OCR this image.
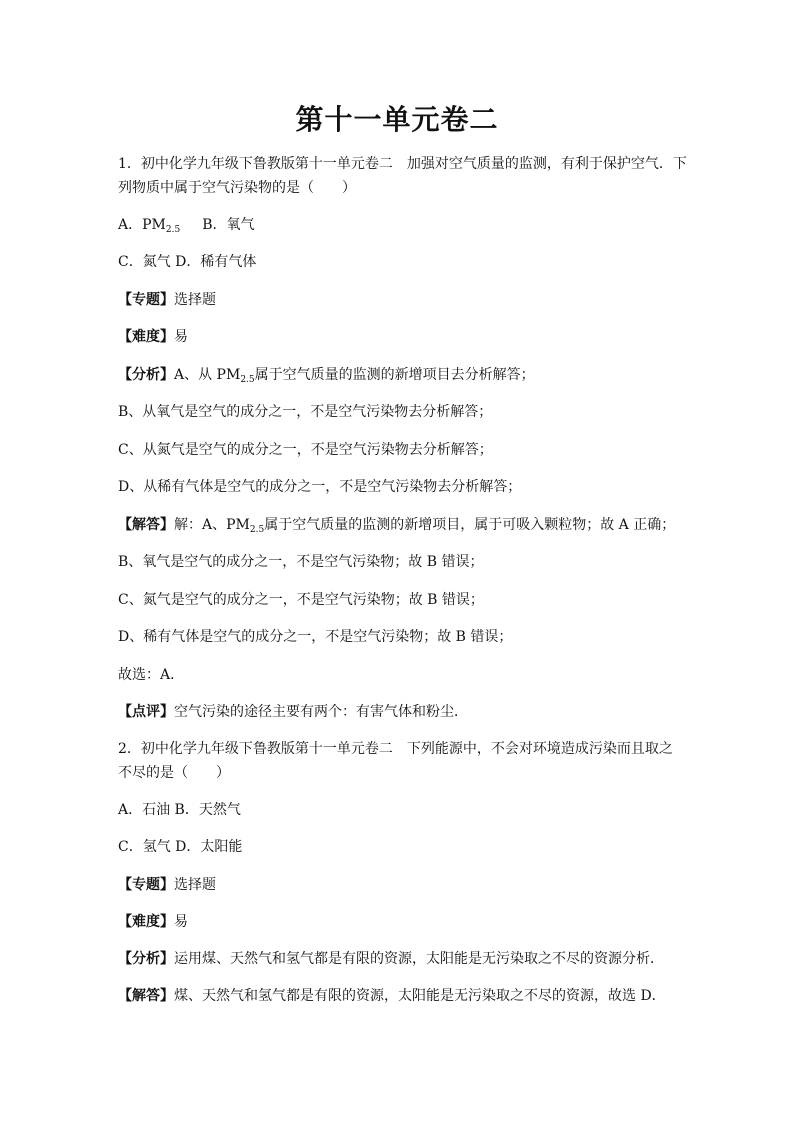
第十一单元卷二
1．初中化学九年级下鲁教版第十一单元卷二　加强对空气质量的监测，有利于保护空气．下
列物质中属于空气污染物的是（　　）
A．$PM_{2.5}$ B．氧气
C．氮气 D．稀有气体
【专题】选择题
【难度】易
【分析】A、从 $PM_{2.5}$属于空气质量的监测的新增项目去分析解答；
B、从氧气是空气的成分之一，不是空气污染物去分析解答；
C、从氮气是空气的成分之一，不是空气污染物去分析解答；
D、从稀有气体是空气的成分之一，不是空气污染物去分析解答；
【解答】解：A、$PM_{2.5}$属于空气质量的监测的新增项目，属于可吸入颗粒物；故 A 正确；
B、氧气是空气的成分之一，不是空气污染物；故 B 错误；
C、氮气是空气的成分之一，不是空气污染物；故 B 错误；
D、稀有气体是空气的成分之一，不是空气污染物；故 B 错误；
故选：A．
【点评】空气污染的途径主要有两个：有害气体和粉尘．
2．初中化学九年级下鲁教版第十一单元卷二　下列能源中，不会对环境造成污染而且取之
不尽的是（　　）
A．石油 B．天然气
C．氢气 D．太阳能
【专题】选择题
【难度】易
【分析】运用煤、天然气和氢气都是有限的资源，太阳能是无污染取之不尽的资源分析．
【解答】煤、天然气和氢气都是有限的资源，太阳能是无污染取之不尽的资源，故选 D．
